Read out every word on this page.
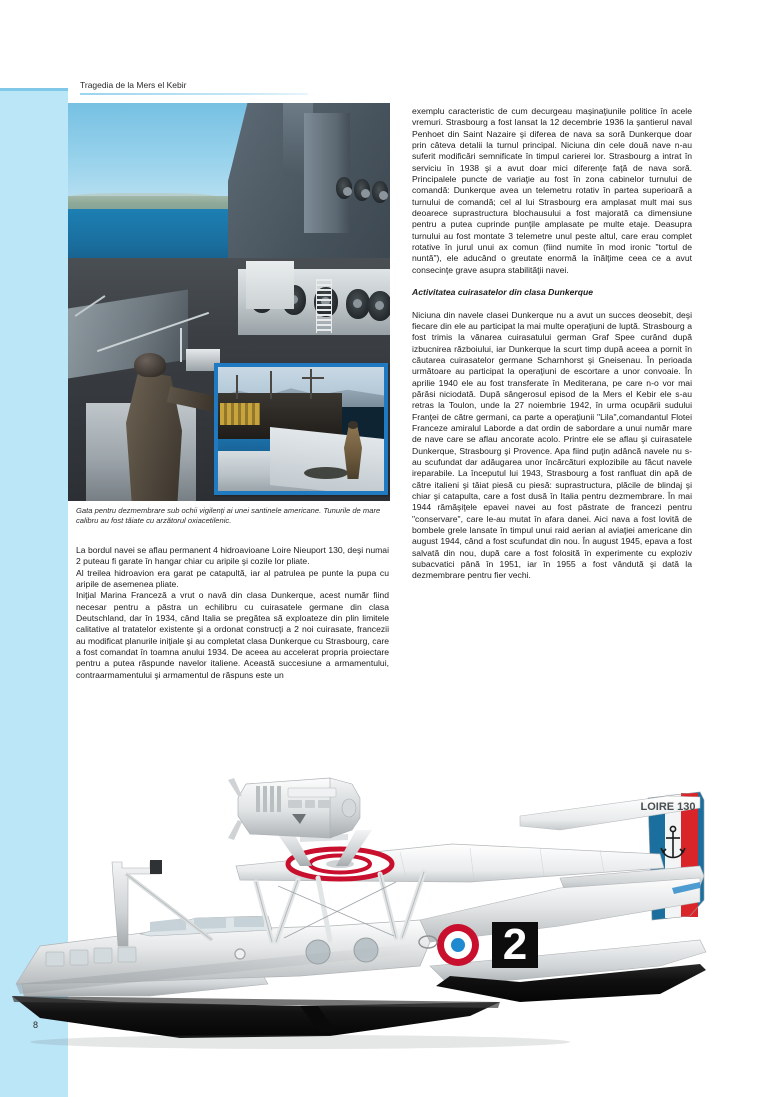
8
Tragedia de la Mers el Kebir
Gata pentru dezmembrare sub ochii vigilenţi ai unei santinele americane. Tunurile de mare calibru au fost tăiate cu arzătorul oxiacetilenic.

La bordul navei se aflau permanent 4 hidroavioane Loire Nieuport 130, deşi numai 2 puteau fi garate în hangar chiar cu aripile şi cozile lor pliate.

Al treilea hidroavion era garat pe catapultă, iar al patrulea pe punte la pupa cu aripile de asemenea pliate.

Iniţial Marina Franceză a vrut o navă din clasa Dunkerque, acest număr fiind necesar pentru a păstra un echilibru cu cuirasatele germane din clasa Deutschland, dar în 1934, când Italia se pregătea să exploateze din plin limitele calitative al tratatelor existente şi a ordonat construcţi a 2 noi cuirasate, francezii au modificat planurile iniţiale şi au completat clasa Dunkerque cu Strasbourg, care a fost comandat în toamna anului 1934. De aceea au accelerat propria proiectare pentru a putea răspunde navelor italiene. Această succesiune a armamentului, contraarmamentului şi armamentul de răspuns este un

exemplu caracteristic de cum decurgeau maşinaţiunile politice în acele vremuri. Strasbourg a fost lansat la 12 decembrie 1936 la şantierul naval Penhoet din Saint Nazaire şi diferea de nava sa soră Dunkerque doar prin câteva detalii la turnul principal. Niciuna din cele două nave n-au suferit modificări semnificate în timpul carierei lor. Strasbourg a intrat în serviciu în 1938 şi a avut doar mici diferenţe faţă de nava soră. Principalele puncte de variaţie au fost în zona cabinelor turnului de comandă: Dunkerque avea un telemetru rotativ în partea superioară a turnului de comandă; cel al lui Strasbourg era amplasat mult mai sus deoarece suprastructura blochausului a fost majorată ca dimensiune pentru a putea cuprinde punţile amplasate pe multe etaje. Deasupra turnului au fost montate 3 telemetre unul peste altul, care erau complet rotative în jurul unui ax comun (fiind numite în mod ironic "tortul de nuntă"), ele aducând o greutate enormă la înălţime ceea ce a avut consecinţe grave asupra stabilităţii navei.

Activitatea cuirasatelor din clasa Dunkerque

Niciuna din navele clasei Dunkerque nu a avut un succes deosebit, deşi fiecare din ele au participat la mai multe operaţiuni de luptă. Strasbourg a fost trimis la vănarea cuirasatului german Graf Spee curând după izbucnirea războiului, iar Dunkerque la scurt timp după aceea a pornit în căutarea cuirasatelor germane Scharnhorst şi Gneisenau. În perioada următoare au participat la operaţiuni de escortare a unor convoaie. În aprilie 1940 ele au fost transferate în Mediterana, pe care n-o vor mai părăsi niciodată. După sângerosul episod de la Mers el Kebir ele s-au retras la Toulon, unde la 27 noiembrie 1942, în urma ocupării sudului Franţei de către germani, ca parte a operaţiunii "Lila",comandantul Flotei Franceze amiralul Laborde a dat ordin de sabordare a unui număr mare de nave care se aflau ancorate acolo. Printre ele se aflau şi cuirasatele Dunkerque, Strasbourg şi Provence. Apa fiind puţin adâncă navele nu s-au scufundat dar adăugarea unor încărcături explozibile au făcut navele ireparabile. La începutul lui 1943, Strasbourg a fost ranfluat din apă de către italieni şi tăiat piesă cu piesă: suprastructura, plăcile de blindaj şi chiar şi catapulta, care a fost dusă în Italia pentru dezmembrare. În mai 1944 rămăşiţele epavei navei au fost păstrate de francezi pentru "conservare", care le-au mutat în afara danei. Aici nava a fost lovită de bombele grele lansate în timpul unui raid aerian al aviaţiei americane din august 1944, când a fost scufundat din nou. În august 1945, epava a fost salvată din nou, după care a fost folosită în experimente cu exploziv subacvatici până în 1951, iar în 1955 a fost vândută şi dată la dezmembrare pentru fier vechi.

2
LOIRE 130
